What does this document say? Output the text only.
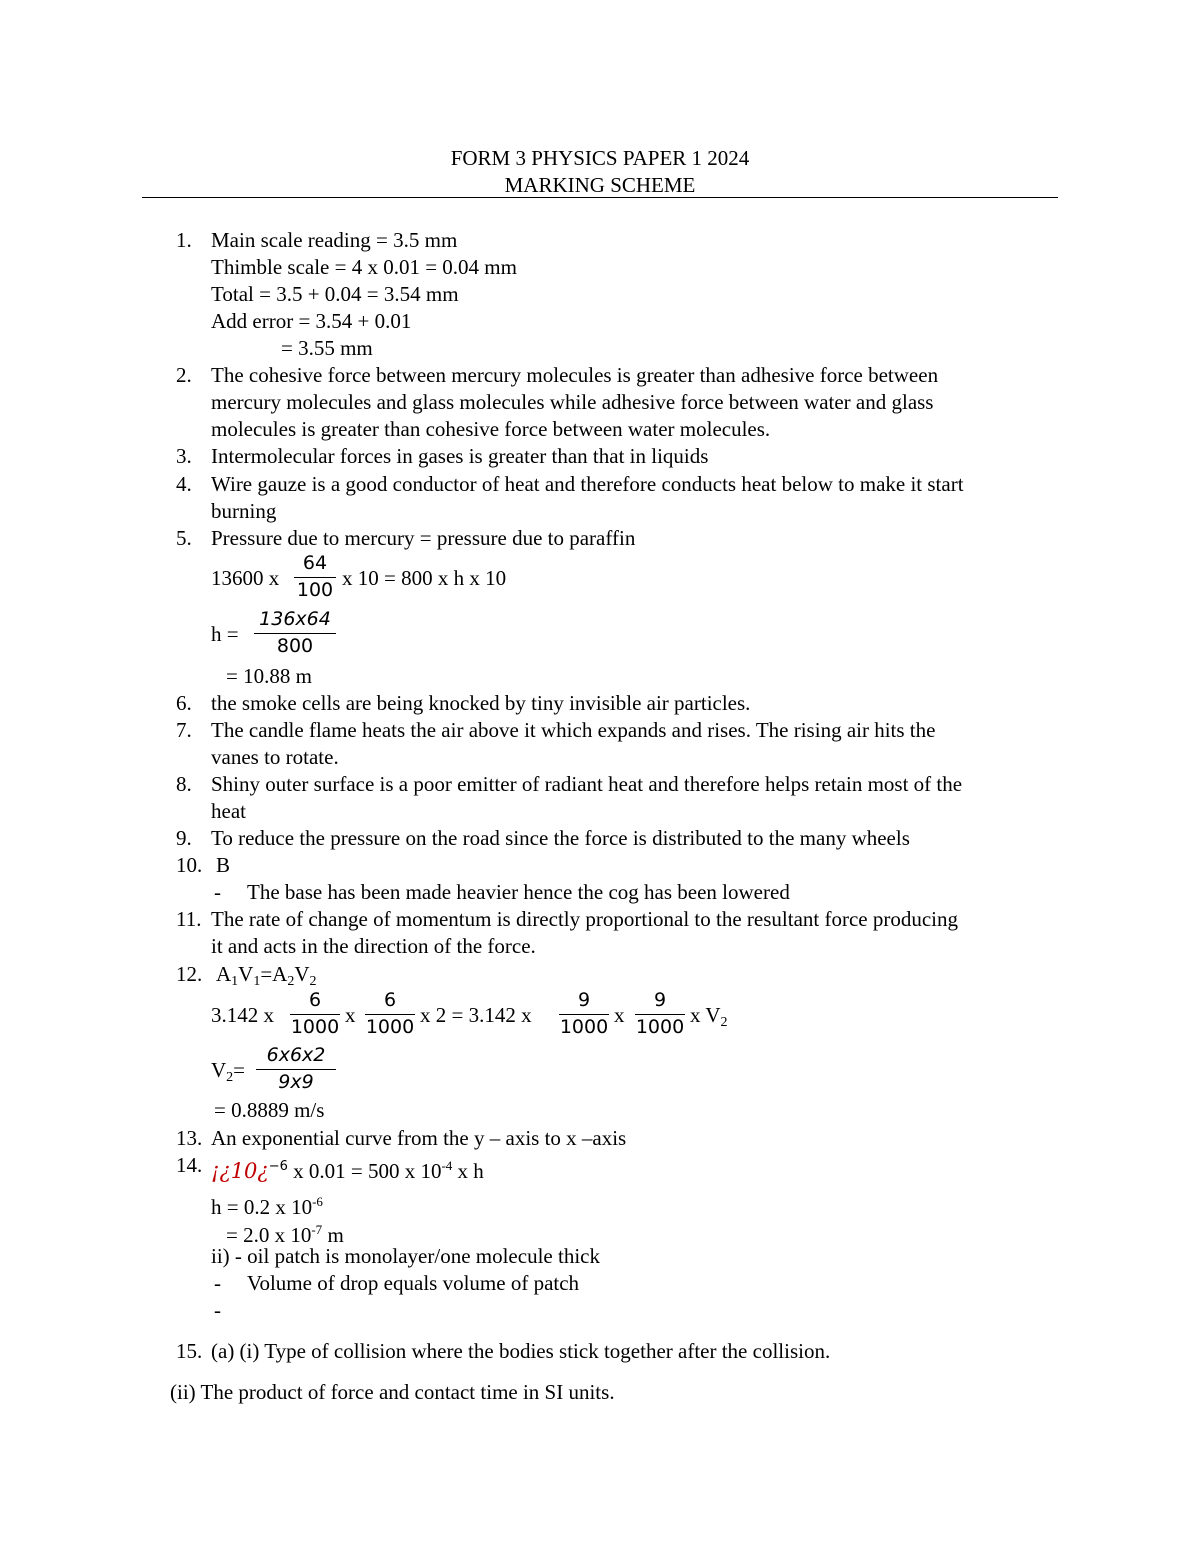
FORM 3 PHYSICS PAPER 1 2024
MARKING SCHEME
1. Main scale reading = 3.5 mm
Thimble scale = 4 x 0.01 = 0.04 mm
Total = 3.5 + 0.04 = 3.54 mm
Add error = 3.54 + 0.01
= 3.55 mm
2. The cohesive force between mercury molecules is greater than adhesive force between
mercury molecules and glass molecules while adhesive force between water and glass
molecules is greater than cohesive force between water molecules.
3. Intermolecular forces in gases is greater than that in liquids
4. Wire gauze is a good conductor of heat and therefore conducts heat below to make it start
burning
5. Pressure due to mercury = pressure due to paraffin
13600 x $\frac{64}{100}$ x 10 = 800 x h x 10
$h = \frac{136x64}{800}$
= 10.88 m
6. the smoke cells are being knocked by tiny invisible air particles.
7. The candle flame heats the air above it which expands and rises. The rising air hits the
vanes to rotate.
8. Shiny outer surface is a poor emitter of radiant heat and therefore helps retain most of the
heat
9. To reduce the pressure on the road since the force is distributed to the many wheels
10. B
- The base has been made heavier hence the cog has been lowered
11. The rate of change of momentum is directly proportional to the resultant force producing
it and acts in the direction of the force.
12. $A_1V_1=A_2V_2$
3.142 x $\frac{6}{1000}$ x $\frac{6}{1000}$ x 2 = 3.142 x $\frac{9}{1000}$ x $\frac{9}{1000}$ x $V_2$
$V_2= \frac{6x6x2}{9x9}$
= 0.8889 m/s
13. An exponential curve from the y – axis to x –axis
14. ¡¿10¿$^{-6}$ x 0.01 = 500 x $10^{-4}$ x h
h = 0.2 x $10^{-6}$
= 2.0 x $10^{-7}$ m
ii) - oil patch is monolayer/one molecule thick
- Volume of drop equals volume of patch
-
15. (a) (i) Type of collision where the bodies stick together after the collision.
(ii) The product of force and contact time in SI units.
